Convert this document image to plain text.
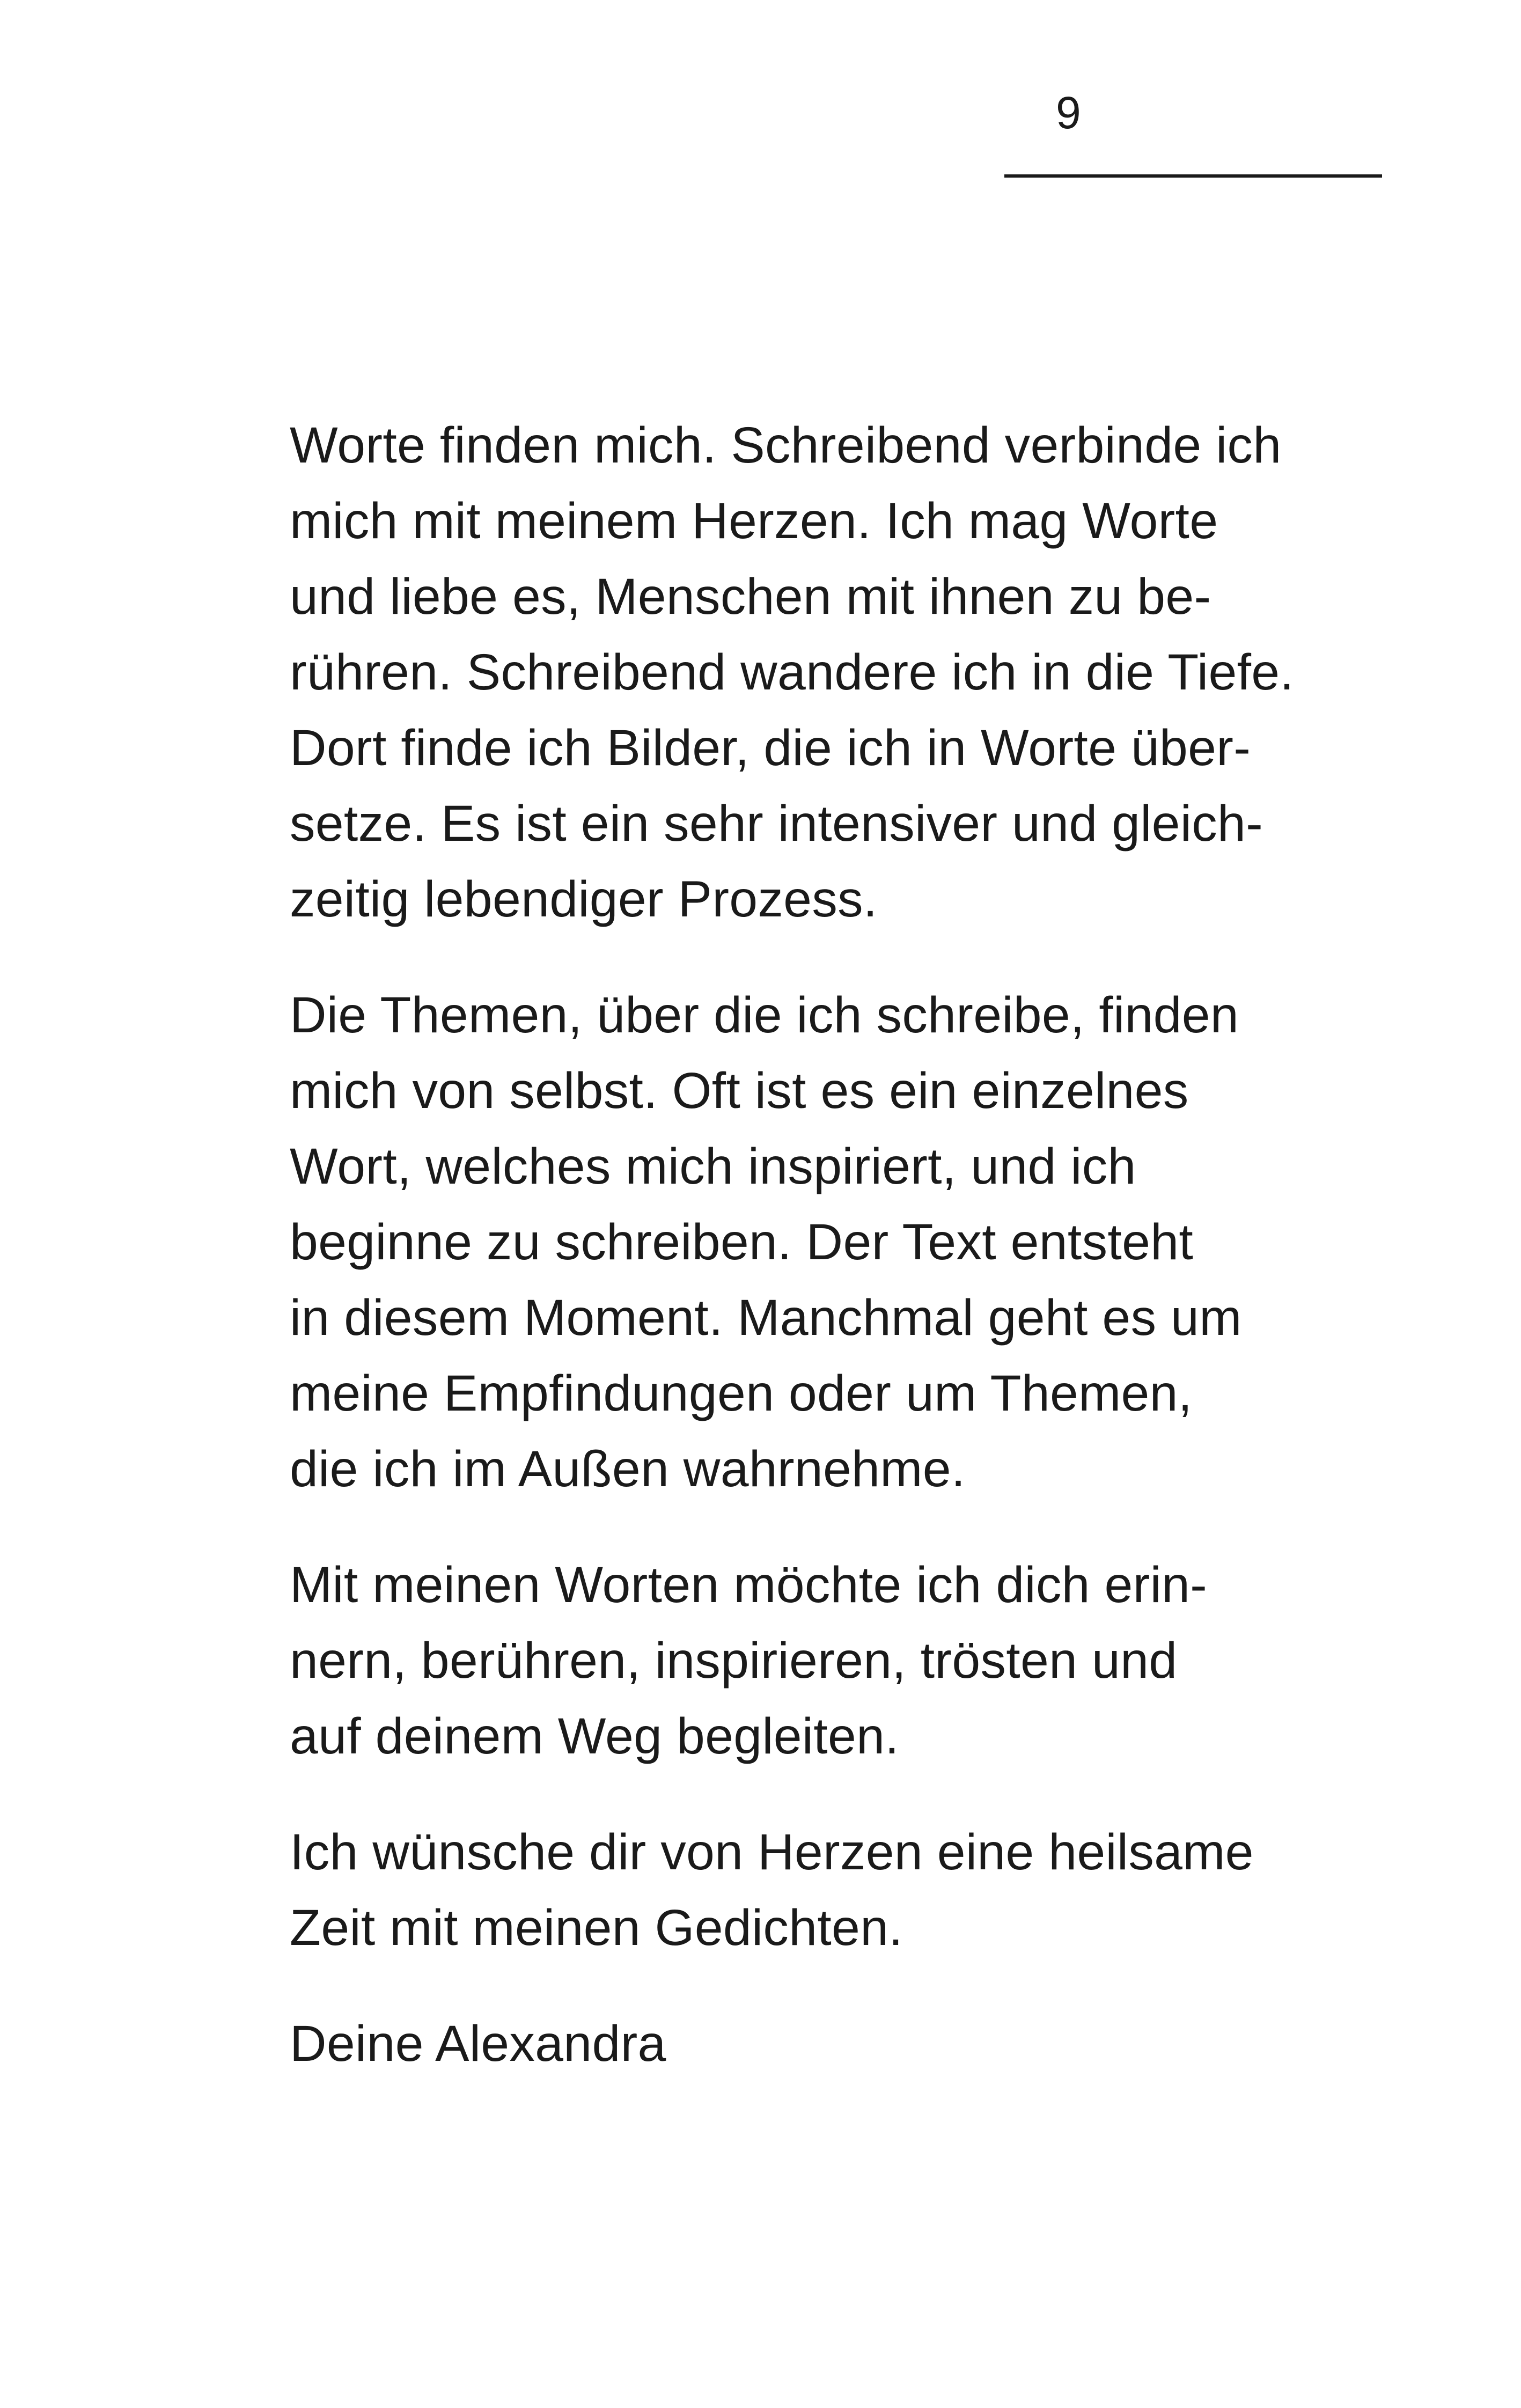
9

Worte finden mich. Schreibend verbinde ich
mich mit meinem Herzen. Ich mag Worte
und liebe es, Menschen mit ihnen zu be-
rühren. Schreibend wandere ich in die Tiefe.
Dort finde ich Bilder, die ich in Worte über-
setze. Es ist ein sehr intensiver und gleich-
zeitig lebendiger Prozess.

Die Themen, über die ich schreibe, finden
mich von selbst. Oft ist es ein einzelnes
Wort, welches mich inspiriert, und ich
beginne zu schreiben. Der Text entsteht
in diesem Moment. Manchmal geht es um
meine Empfindungen oder um Themen,
die ich im Außen wahrnehme.

Mit meinen Worten möchte ich dich erin-
nern, berühren, inspirieren, trösten und
auf deinem Weg begleiten.

Ich wünsche dir von Herzen eine heilsame
Zeit mit meinen Gedichten.

Deine Alexandra
